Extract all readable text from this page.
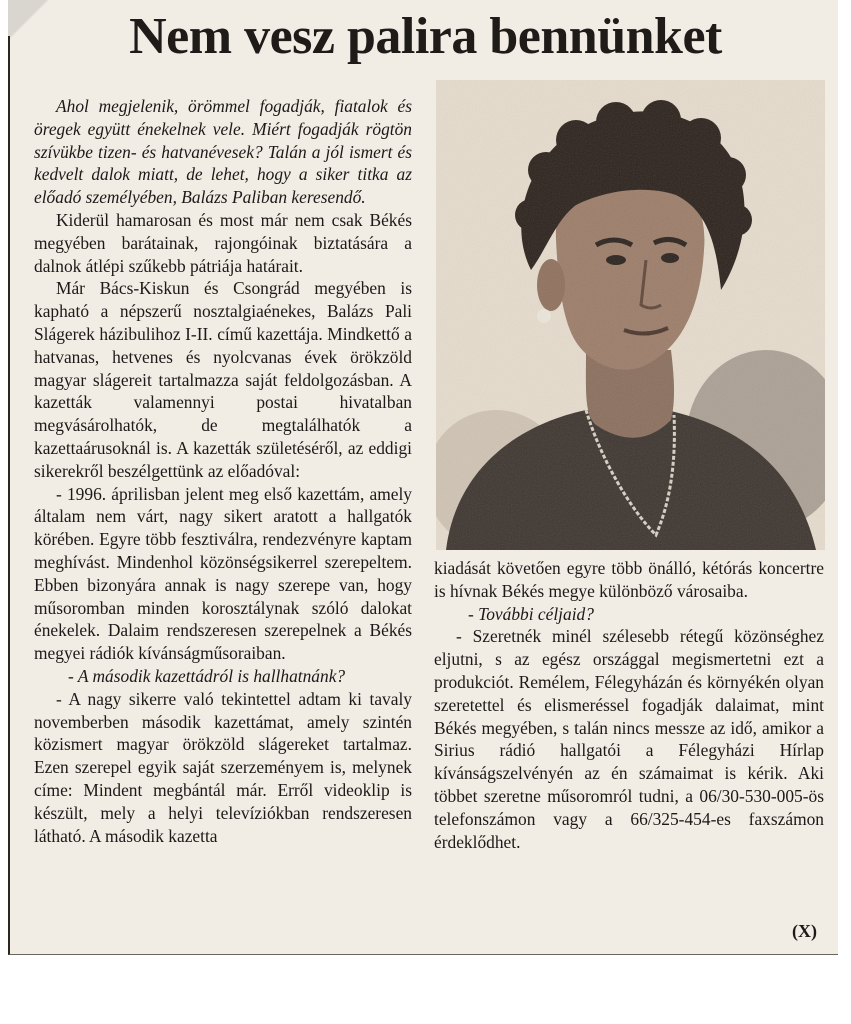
Nem vesz palira bennünket

Ahol megjelenik, örömmel fogadják, fiatalok és öregek együtt énekelnek vele. Miért fogadják rögtön szívükbe tizen- és hatvanévesek? Talán a jól ismert és kedvelt dalok miatt, de lehet, hogy a siker titka az előadó személyében, Balázs Paliban keresendő.

Kiderül hamarosan és most már nem csak Békés megyében barátainak, rajongóinak biztatására a dalnok átlépi szűkebb pátriája határait.

Már Bács-Kiskun és Csongrád megyében is kapható a népszerű nosztalgiaénekes, Balázs Pali Slágerek házibulihoz I-II. című kazettája. Mindkettő a hatvanas, hetvenes és nyolcvanas évek örökzöld magyar slágereit tartalmazza saját feldolgozásban. A kazetták valamennyi postai hivatalban megvásárolhatók, de megtalálhatók a kazettaárusoknál is. A kazetták születéséről, az eddigi sikerekről beszélgettünk az előadóval:

- 1996. áprilisban jelent meg első kazettám, amely általam nem várt, nagy sikert aratott a hallgatók körében. Egyre több fesztiválra, rendezvényre kaptam meghívást. Mindenhol közönségsikerrel szerepeltem. Ebben bizonyára annak is nagy szerepe van, hogy műsoromban minden korosztálynak szóló dalokat énekelek. Dalaim rendszeresen szerepelnek a Békés megyei rádiók kívánságműsoraiban.

- A második kazettádról is hallhatnánk?

- A nagy sikerre való tekintettel adtam ki tavaly novemberben második kazettámat, amely szintén közismert magyar örökzöld slágereket tartalmaz. Ezen szerepel egyik saját szerzeményem is, melynek címe: Mindent megbántál már. Erről videoklip is készült, mely a helyi televíziókban rendszeresen látható. A második kazetta

kiadását követően egyre több önálló, kétórás koncertre is hívnak Békés megye különböző városaiba.

- További céljaid?

- Szeretnék minél szélesebb rétegű közönséghez eljutni, s az egész országgal megismertetni ezt a produkciót. Remélem, Félegyházán és környékén olyan szeretettel és elismeréssel fogadják dalaimat, mint Békés megyében, s talán nincs messze az idő, amikor a Sirius rádió hallgatói a Félegyházi Hírlap kívánságszelvényén az én számaimat is kérik. Aki többet szeretne műsoromról tudni, a 06/30-530-005-ös telefonszámon vagy a 66/325-454-es faxszámon érdeklődhet.

(X)
